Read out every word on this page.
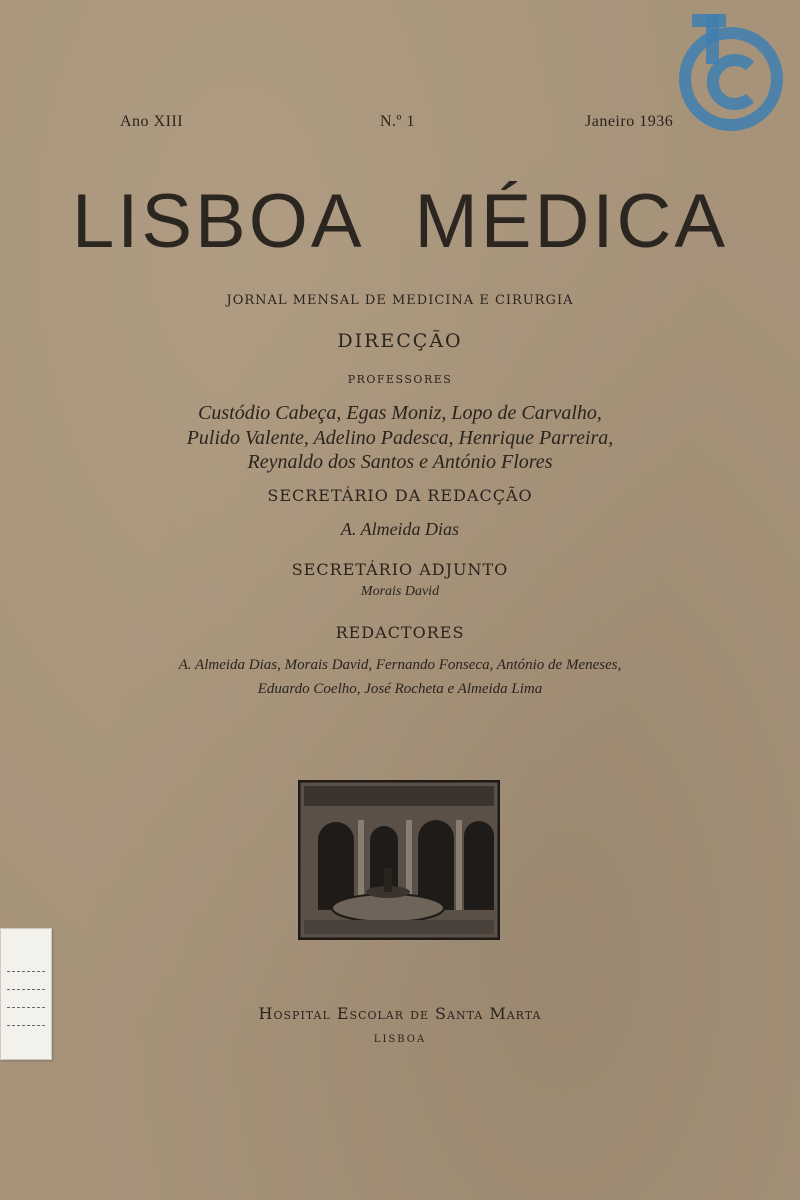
Ano XIII	N.º 1	Janeiro 1936
LISBOA MÉDICA
JORNAL MENSAL DE MEDICINA E CIRURGIA
DIRECÇÃO
PROFESSORES
Custódio Cabeça, Egas Moniz, Lopo de Carvalho,
Pulido Valente, Adelino Padesca, Henrique Parreira,
Reynaldo dos Santos e António Flores
SECRETÁRIO DA REDACÇÃO
A. Almeida Dias
SECRETÁRIO ADJUNTO
Morais David
REDACTORES
A. Almeida Dias, Morais David, Fernando Fonseca, António de Meneses,
Eduardo Coelho, José Rocheta e Almeida Lima
Hospital Escolar de Santa Marta
LISBOA
